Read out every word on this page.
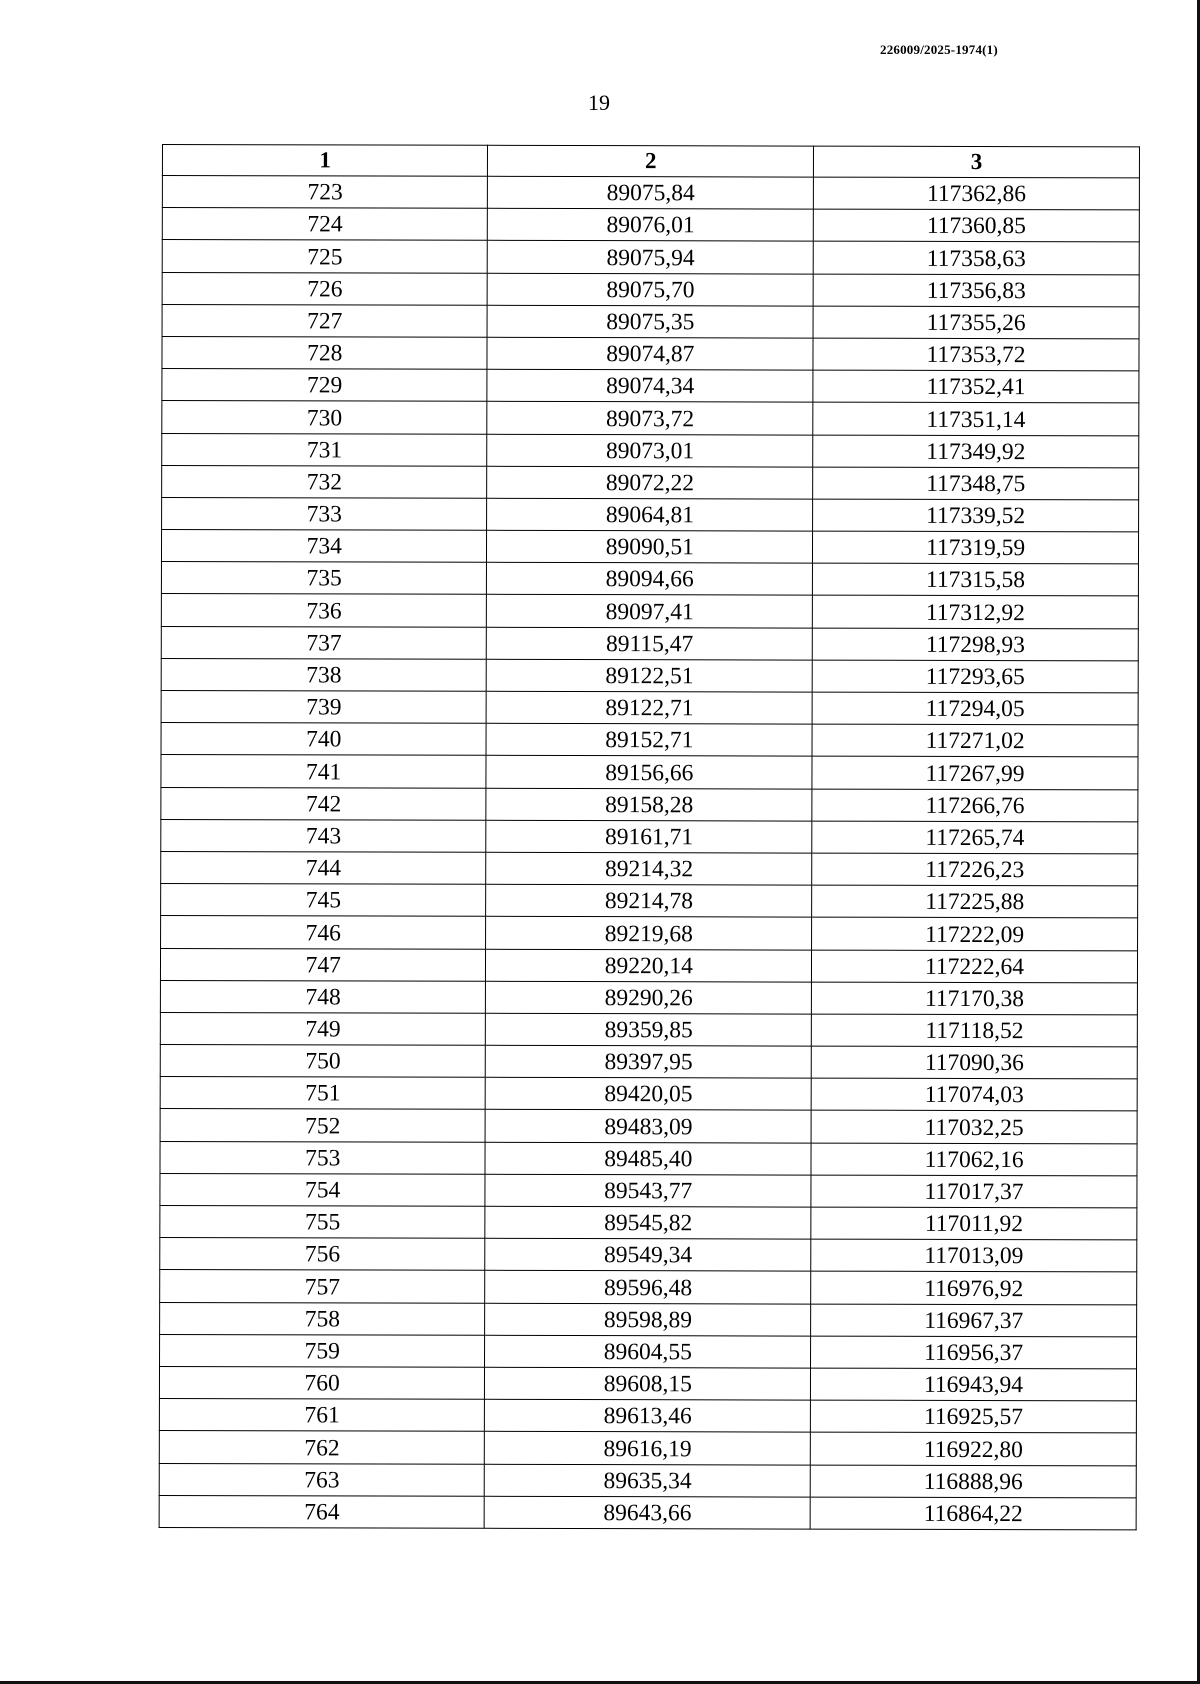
226009/2025-1974(1)
19
1	2	3
723	89075,84	117362,86
724	89076,01	117360,85
725	89075,94	117358,63
726	89075,70	117356,83
727	89075,35	117355,26
728	89074,87	117353,72
729	89074,34	117352,41
730	89073,72	117351,14
731	89073,01	117349,92
732	89072,22	117348,75
733	89064,81	117339,52
734	89090,51	117319,59
735	89094,66	117315,58
736	89097,41	117312,92
737	89115,47	117298,93
738	89122,51	117293,65
739	89122,71	117294,05
740	89152,71	117271,02
741	89156,66	117267,99
742	89158,28	117266,76
743	89161,71	117265,74
744	89214,32	117226,23
745	89214,78	117225,88
746	89219,68	117222,09
747	89220,14	117222,64
748	89290,26	117170,38
749	89359,85	117118,52
750	89397,95	117090,36
751	89420,05	117074,03
752	89483,09	117032,25
753	89485,40	117062,16
754	89543,77	117017,37
755	89545,82	117011,92
756	89549,34	117013,09
757	89596,48	116976,92
758	89598,89	116967,37
759	89604,55	116956,37
760	89608,15	116943,94
761	89613,46	116925,57
762	89616,19	116922,80
763	89635,34	116888,96
764	89643,66	116864,22
